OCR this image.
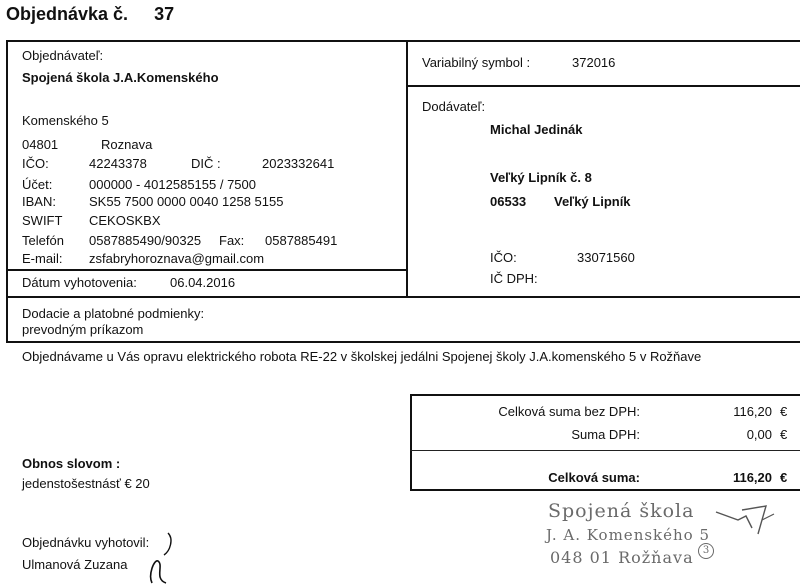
Objednávka č. 37
Objednávateľ:
Spojená škola J.A.Komenského
Komenského 5
04801	Roznava
IČO:	42243378	DIČ :	2023332641
Účet:	000000 - 4012585155 / 7500
IBAN:	SK55 7500 0000 0040 1258 5155
SWIFT CEKOSKBX
Telefón 0587885490/90325 Fax: 0587885491
E-mail: zsfabryhoroznava@gmail.com
Dátum vyhotovenia:	06.04.2016
Variabilný symbol :	372016
Dodávateľ:
Michal Jedinák
Veľký Lipník č. 8
06533 Veľký Lipník
IČO:	33071560
IČ DPH:
Dodacie a platobné podmienky:
prevodným príkazom
Objednávame u Vás opravu elektrického robota RE-22 v školskej jedálni Spojenej školy J.A.komenského 5 v Rožňave
Celková suma bez DPH:	116,20 €
Suma DPH:	0,00 €
Celková suma:	116,20 €
Obnos slovom :
jedenstošestnásť € 20
Objednávku vyhotovil:
Ulmanová Zuzana
Spojená škola
J. A. Komenského 5
048 01 Rožňava 3
